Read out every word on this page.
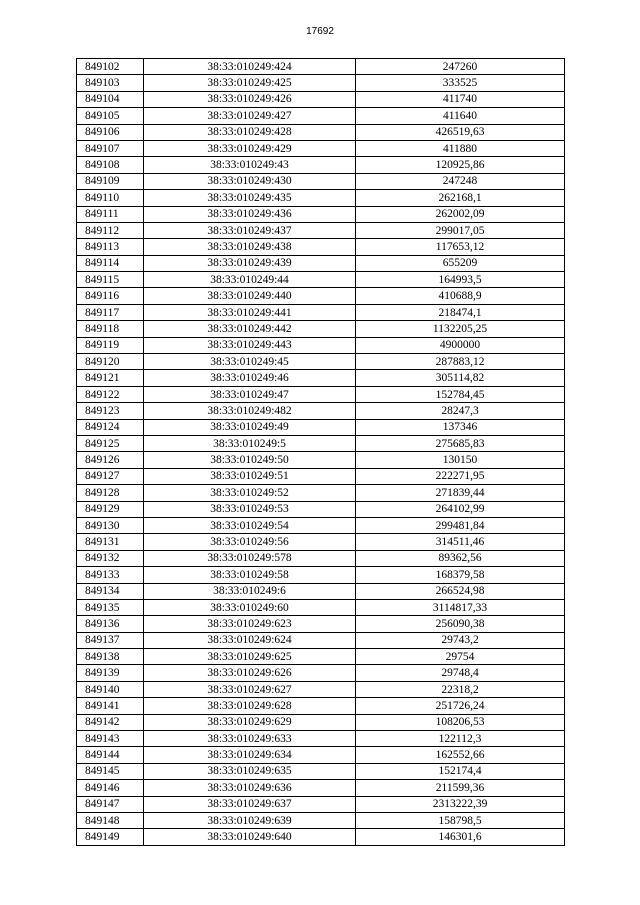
17692
849102	38:33:010249:424	247260
849103	38:33:010249:425	333525
849104	38:33:010249:426	411740
849105	38:33:010249:427	411640
849106	38:33:010249:428	426519,63
849107	38:33:010249:429	411880
849108	38:33:010249:43	120925,86
849109	38:33:010249:430	247248
849110	38:33:010249:435	262168,1
849111	38:33:010249:436	262002,09
849112	38:33:010249:437	299017,05
849113	38:33:010249:438	117653,12
849114	38:33:010249:439	655209
849115	38:33:010249:44	164993,5
849116	38:33:010249:440	410688,9
849117	38:33:010249:441	218474,1
849118	38:33:010249:442	1132205,25
849119	38:33:010249:443	4900000
849120	38:33:010249:45	287883,12
849121	38:33:010249:46	305114,82
849122	38:33:010249:47	152784,45
849123	38:33:010249:482	28247,3
849124	38:33:010249:49	137346
849125	38:33:010249:5	275685,83
849126	38:33:010249:50	130150
849127	38:33:010249:51	222271,95
849128	38:33:010249:52	271839,44
849129	38:33:010249:53	264102,99
849130	38:33:010249:54	299481,84
849131	38:33:010249:56	314511,46
849132	38:33:010249:578	89362,56
849133	38:33:010249:58	168379,58
849134	38:33:010249:6	266524,98
849135	38:33:010249:60	3114817,33
849136	38:33:010249:623	256090,38
849137	38:33:010249:624	29743,2
849138	38:33:010249:625	29754
849139	38:33:010249:626	29748,4
849140	38:33:010249:627	22318,2
849141	38:33:010249:628	251726,24
849142	38:33:010249:629	108206,53
849143	38:33:010249:633	122112,3
849144	38:33:010249:634	162552,66
849145	38:33:010249:635	152174,4
849146	38:33:010249:636	211599,36
849147	38:33:010249:637	2313222,39
849148	38:33:010249:639	158798,5
849149	38:33:010249:640	146301,6
